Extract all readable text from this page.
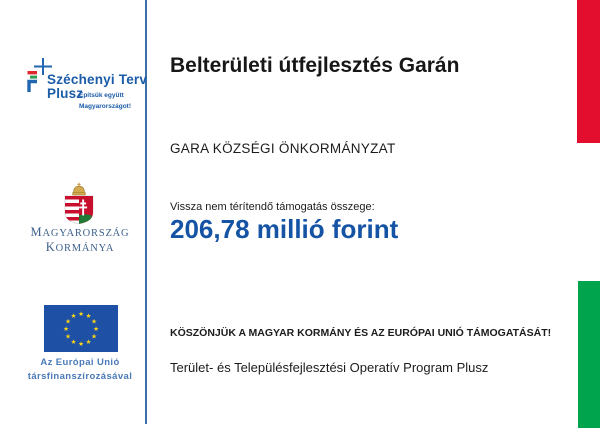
Széchenyi Terv
Plusz
Építsük együtt
Magyarországot!
MAGYARORSZÁG
KORMÁNYA
★ ★
★
★
★
★
★
★
★
★
★
★
Az Európai Unió
társfinanszírozásával
Belterületi útfejlesztés Garán
GARA KÖZSÉGI ÖNKORMÁNYZAT
Vissza nem térítendő támogatás összege:
206,78 millió forint
KÖSZÖNJÜK A MAGYAR KORMÁNY ÉS AZ EURÓPAI UNIÓ TÁMOGATÁSÁT!
Terület- és Településfejlesztési Operatív Program Plusz
